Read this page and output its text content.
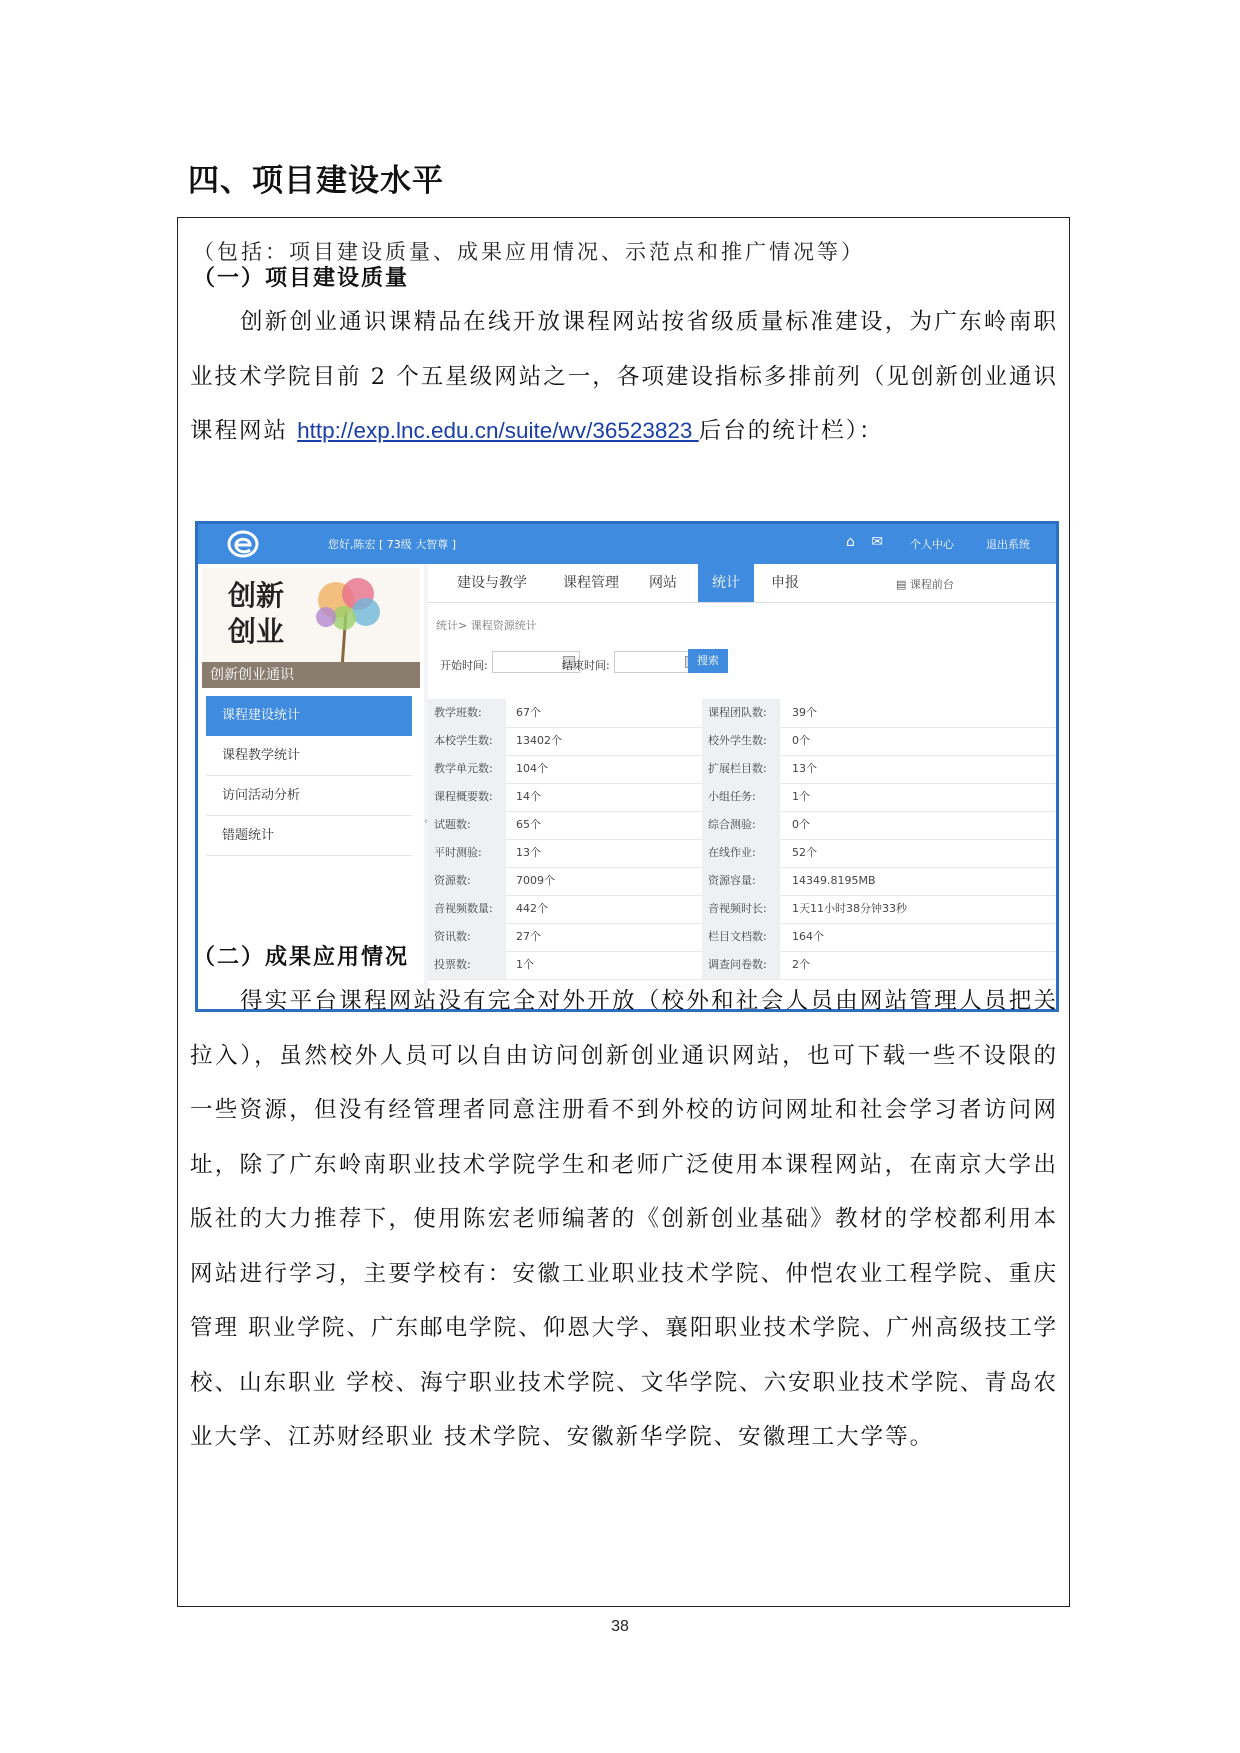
四、项目建设水平
（包括：项目建设质量、成果应用情况、示范点和推广情况等）
（一）项目建设质量

创新创业通识课精品在线开放课程网站按省级质量标准建设，为广东岭南职业技术学院目前 2 个五星级网站之一，各项建设指标多排前列（见创新创业通识课程网站 http://exp.lnc.edu.cn/suite/wv/36523823 后台的统计栏）：

您好,陈宏 [ 73级 大智尊 ]	⌂ ✉ 个人中心	退出系统
创新
创业
创新创业通识
课程建设统计
课程教学统计
访问活动分析
错题统计
‹
建设与教学	课程管理	网站	统计	申报	▤ 课程前台
统计> 课程资源统计
开始时间:	结束时间:	搜索
教学班数:	67个	课程团队数:	39个
本校学生数:	13402个	校外学生数:	0个
教学单元数:	104个	扩展栏目数:	13个
课程概要数:	14个	小组任务:	1个
试题数:	65个	综合测验:	0个
平时测验:	13个	在线作业:	52个
资源数:	7009个	资源容量:	14349.8195MB
音视频数量:	442个	音视频时长:	1天11小时38分钟33秒
资讯数:	27个	栏目文档数:	164个
投票数:	1个	调查问卷数:	2个
（二）成果应用情况

得实平台课程网站没有完全对外开放（校外和社会人员由网站管理人员把关拉入），虽然校外人员可以自由访问创新创业通识网站，也可下载一些不设限的一些资源，但没有经管理者同意注册看不到外校的访问网址和社会学习者访问网址，除了广东岭南职业技术学院学生和老师广泛使用本课程网站，在南京大学出版社的大力推荐下，使用陈宏老师编著的《创新创业基础》教材的学校都利用本网站进行学习，主要学校有：安徽工业职业技术学院、仲恺农业工程学院、重庆管理 职业学院、广东邮电学院、仰恩大学、襄阳职业技术学院、广州高级技工学校、山东职业 学校、海宁职业技术学院、文华学院、六安职业技术学院、青岛农业大学、江苏财经职业 技术学院、安徽新华学院、安徽理工大学等。

38
